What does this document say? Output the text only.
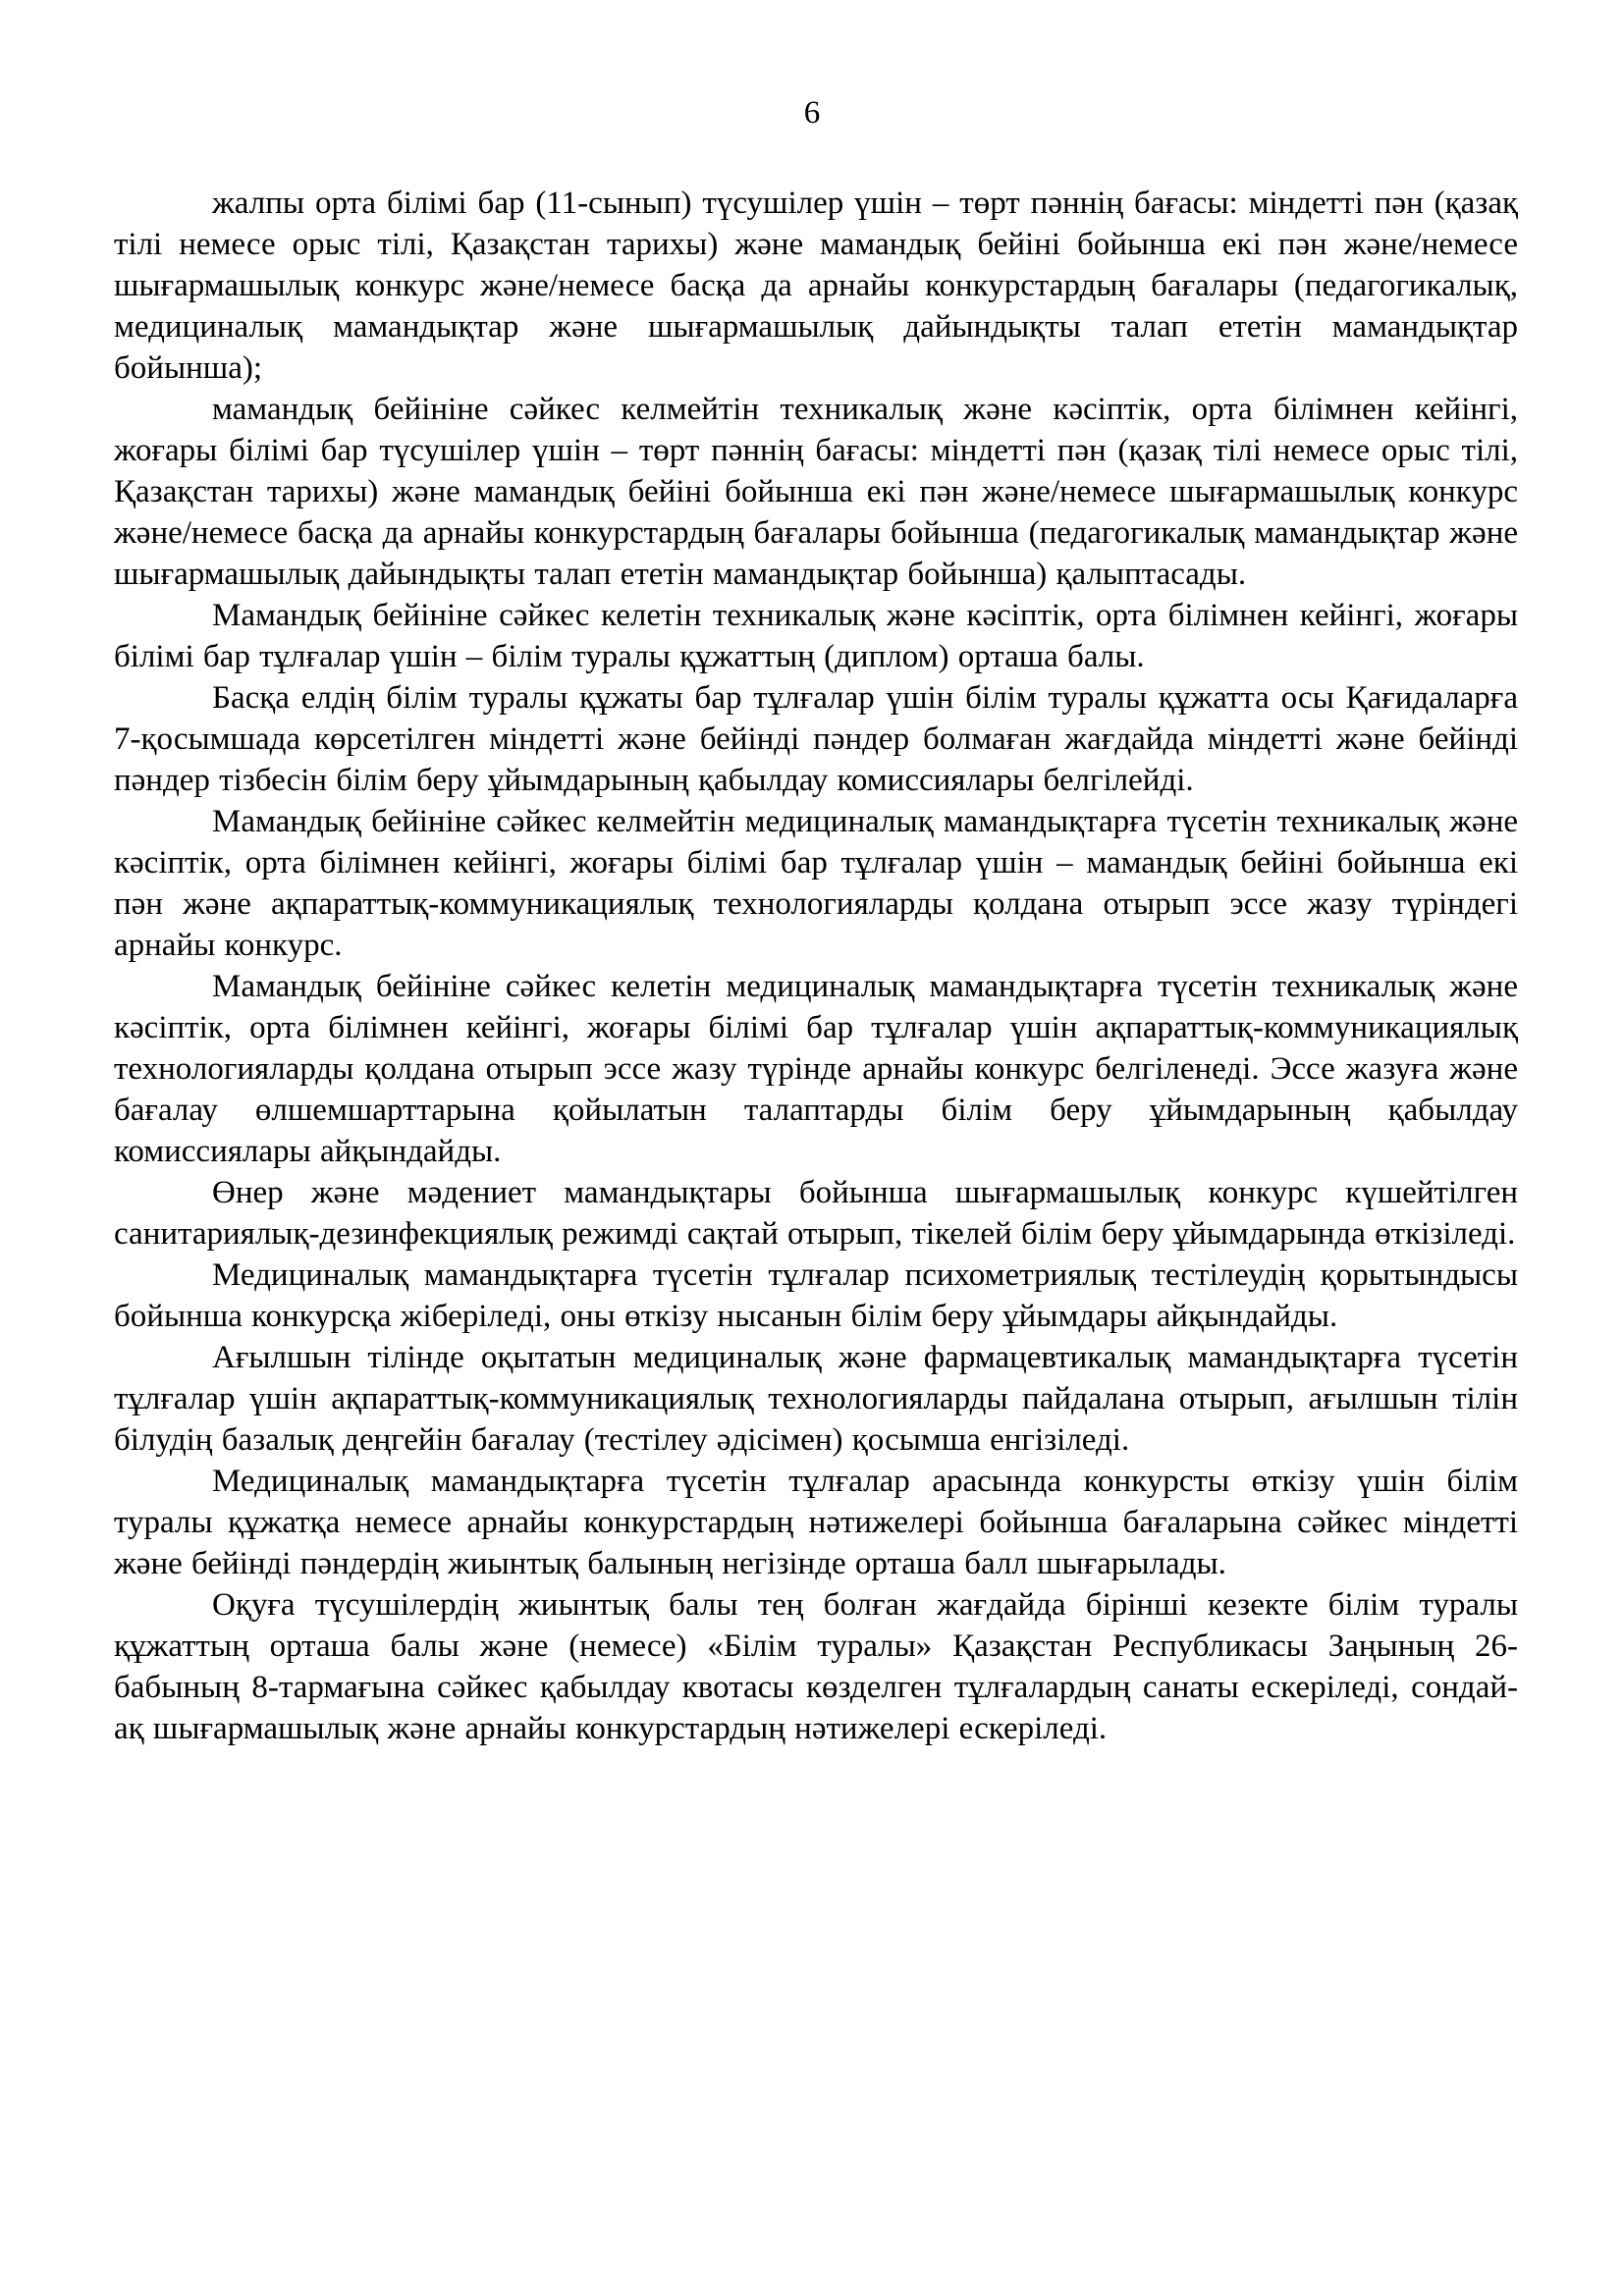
6

жалпы орта білімі бар (11-сынып) түсушілер үшін – төрт пәннің бағасы: міндетті пән (қазақ тілі немесе орыс тілі, Қазақстан тарихы) және мамандық бейіні бойынша екі пән және/немесе шығармашылық конкурс және/немесе басқа да арнайы конкурстардың бағалары (педагогикалық, медициналық мамандықтар және шығармашылық дайындықты талап ететін мамандықтар бойынша);

мамандық бейініне сәйкес келмейтін техникалық және кәсіптік, орта білімнен кейінгі, жоғары білімі бар түсушілер үшін – төрт пәннің бағасы: міндетті пән (қазақ тілі немесе орыс тілі, Қазақстан тарихы) және мамандық бейіні бойынша екі пән және/немесе шығармашылық конкурс және/немесе басқа да арнайы конкурстардың бағалары бойынша (педагогикалық мамандықтар және шығармашылық дайындықты талап ететін мамандықтар бойынша) қалыптасады.

Мамандық бейініне сәйкес келетін техникалық және кәсіптік, орта білімнен кейінгі, жоғары білімі бар тұлғалар үшін – білім туралы құжаттың (диплом) орташа балы.

Басқа елдің білім туралы құжаты бар тұлғалар үшін білім туралы құжатта осы Қағидаларға 7-қосымшада көрсетілген міндетті және бейінді пәндер болмаған жағдайда міндетті және бейінді пәндер тізбесін білім беру ұйымдарының қабылдау комиссиялары белгілейді.

Мамандық бейініне сәйкес келмейтін медициналық мамандықтарға түсетін техникалық және кәсіптік, орта білімнен кейінгі, жоғары білімі бар тұлғалар үшін – мамандық бейіні бойынша екі пән және ақпараттық-коммуникациялық технологияларды қолдана отырып эссе жазу түріндегі арнайы конкурс.

Мамандық бейініне сәйкес келетін медициналық мамандықтарға түсетін техникалық және кәсіптік, орта білімнен кейінгі, жоғары білімі бар тұлғалар үшін ақпараттық-коммуникациялық технологияларды қолдана отырып эссе жазу түрінде арнайы конкурс белгіленеді. Эссе жазуға және бағалау өлшемшарттарына қойылатын талаптарды білім беру ұйымдарының қабылдау комиссиялары айқындайды.

Өнер және мәдениет мамандықтары бойынша шығармашылық конкурс күшейтілген санитариялық-дезинфекциялық режимді сақтай отырып, тікелей білім беру ұйымдарында өткізіледі.

Медициналық мамандықтарға түсетін тұлғалар психометриялық тестілеудің қорытындысы бойынша конкурсқа жіберіледі, оны өткізу нысанын білім беру ұйымдары айқындайды.

Ағылшын тілінде оқытатын медициналық және фармацевтикалық мамандықтарға түсетін тұлғалар үшін ақпараттық-коммуникациялық технологияларды пайдалана отырып, ағылшын тілін білудің базалық деңгейін бағалау (тестілеу әдісімен) қосымша енгізіледі.

Медициналық мамандықтарға түсетін тұлғалар арасында конкурсты өткізу үшін білім туралы құжатқа немесе арнайы конкурстардың нәтижелері бойынша бағаларына сәйкес міндетті және бейінді пәндердің жиынтық балының негізінде орташа балл шығарылады.

Оқуға түсушілердің жиынтық балы тең болған жағдайда бірінші кезекте білім туралы құжаттың орташа балы және (немесе) «Білім туралы» Қазақстан Республикасы Заңының 26-бабының 8-тармағына сәйкес қабылдау квотасы көзделген тұлғалардың санаты ескеріледі, сондай-ақ шығармашылық және арнайы конкурстардың нәтижелері ескеріледі.
